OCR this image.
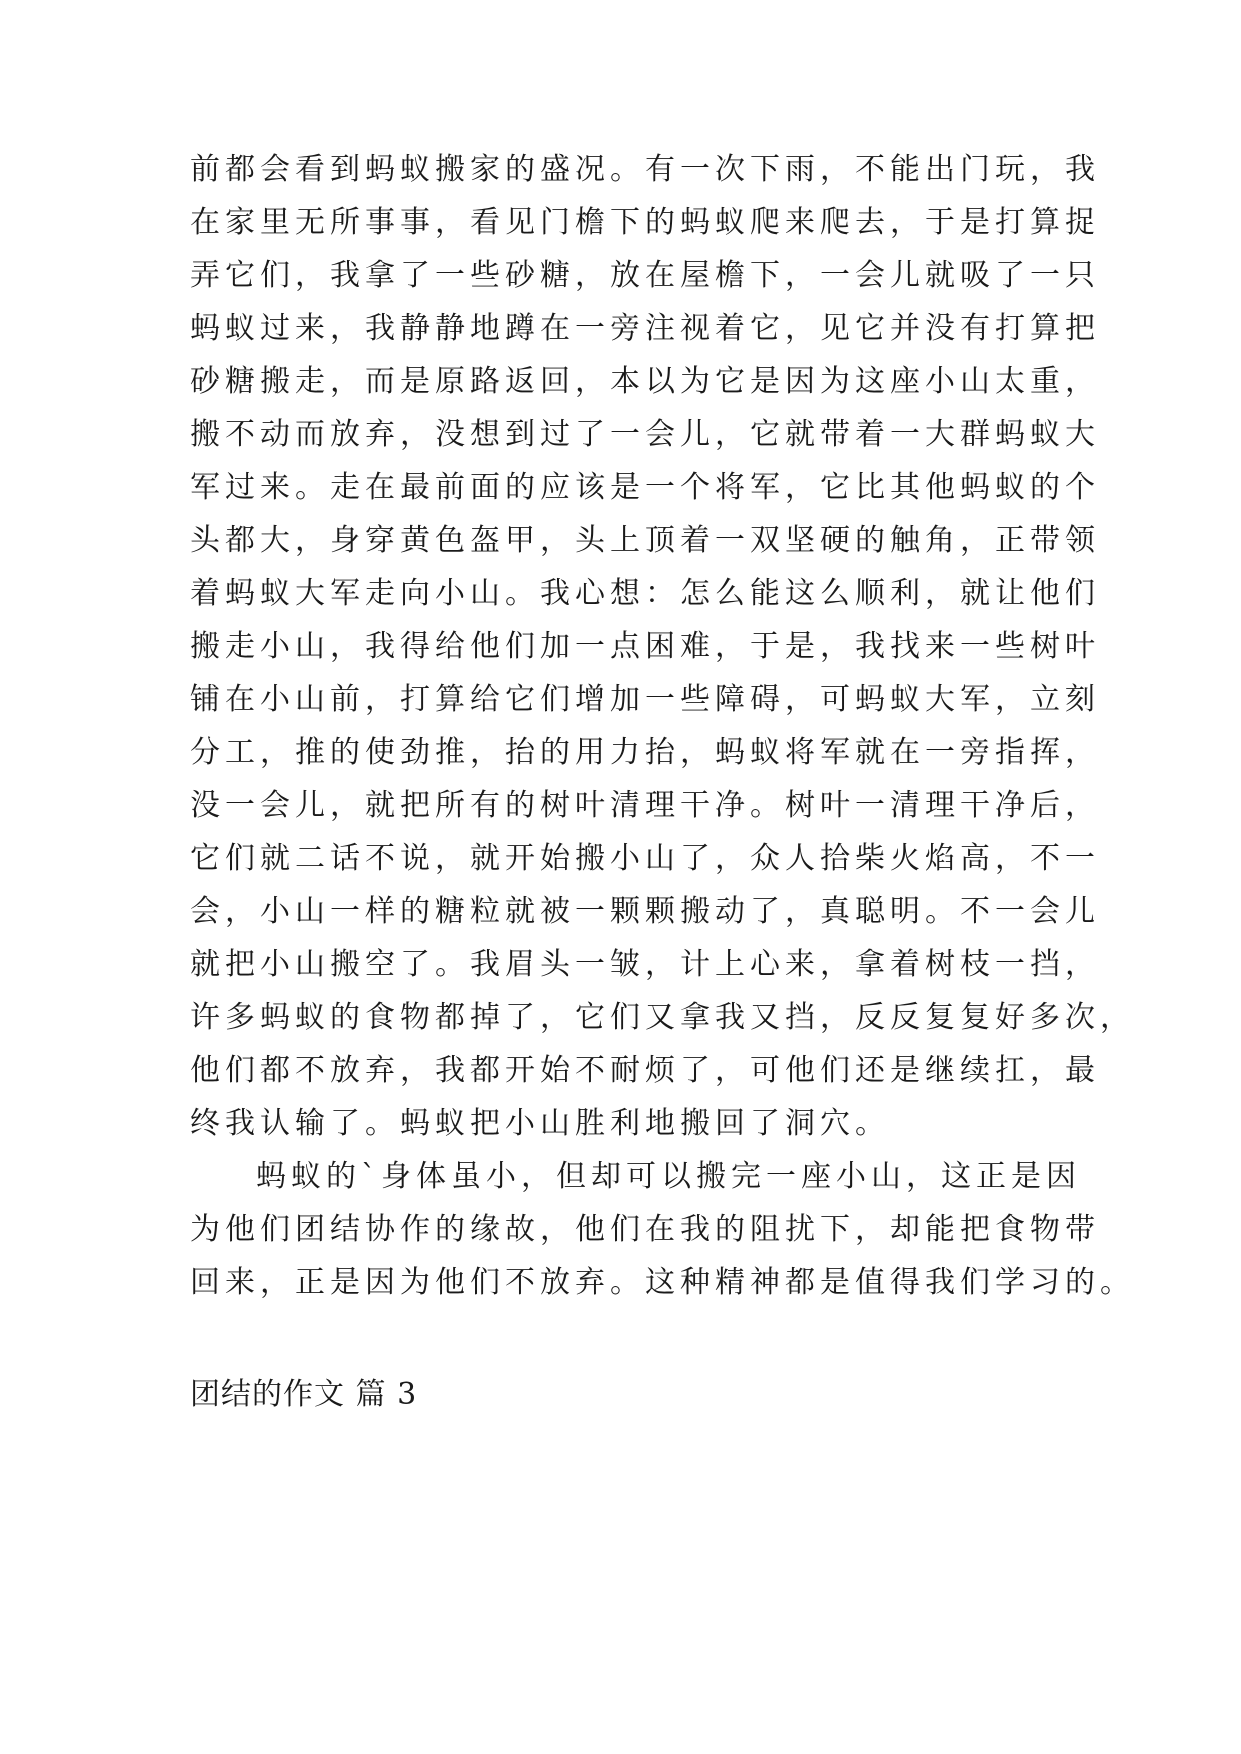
前都会看到蚂蚁搬家的盛况。有一次下雨，不能出门玩，我
在家里无所事事，看见门檐下的蚂蚁爬来爬去，于是打算捉
弄它们，我拿了一些砂糖，放在屋檐下，一会儿就吸了一只
蚂蚁过来，我静静地蹲在一旁注视着它，见它并没有打算把
砂糖搬走，而是原路返回，本以为它是因为这座小山太重，
搬不动而放弃，没想到过了一会儿，它就带着一大群蚂蚁大
军过来。走在最前面的应该是一个将军，它比其他蚂蚁的个
头都大，身穿黄色盔甲，头上顶着一双坚硬的触角，正带领
着蚂蚁大军走向小山。我心想：怎么能这么顺利，就让他们
搬走小山，我得给他们加一点困难，于是，我找来一些树叶
铺在小山前，打算给它们增加一些障碍，可蚂蚁大军，立刻
分工，推的使劲推，抬的用力抬，蚂蚁将军就在一旁指挥，
没一会儿，就把所有的树叶清理干净。树叶一清理干净后，
它们就二话不说，就开始搬小山了，众人拾柴火焰高，不一
会，小山一样的糖粒就被一颗颗搬动了，真聪明。不一会儿
就把小山搬空了。我眉头一皱，计上心来，拿着树枝一挡，
许多蚂蚁的食物都掉了，它们又拿我又挡，反反复复好多次，
他们都不放弃，我都开始不耐烦了，可他们还是继续扛，最
终我认输了。蚂蚁把小山胜利地搬回了洞穴。
蚂蚁的`身体虽小，但却可以搬完一座小山，这正是因
为他们团结协作的缘故，他们在我的阻扰下，却能把食物带
回来，正是因为他们不放弃。这种精神都是值得我们学习的。
团结的作文 篇 3
